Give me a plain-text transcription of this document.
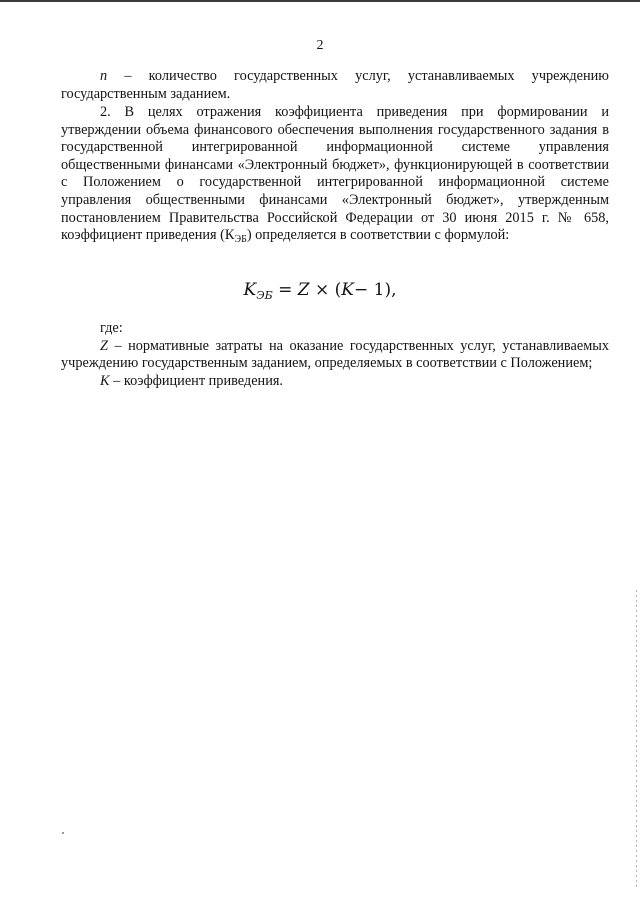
2

n – количество государственных услуг, устанавливаемых учреждению государственным заданием.

2. В целях отражения коэффициента приведения при формировании и утверждении объема финансового обеспечения выполнения государственного задания в государственной интегрированной информационной системе управления общественными финансами «Электронный бюджет», функционирующей в соответствии с Положением о государственной интегрированной информационной системе управления общественными финансами «Электронный бюджет», утвержденным постановлением Правительства Российской Федерации от 30 июня 2015 г. № 658, коэффициент приведения $(К_{ЭБ})$ определяется в соответствии с формулой:

$K_{ЭБ} = Z \times (K- 1)$,

где:

Z – нормативные затраты на оказание государственных услуг, устанавливаемых учреждению государственным заданием, определяемых в соответствии с Положением;

K – коэффициент приведения.
